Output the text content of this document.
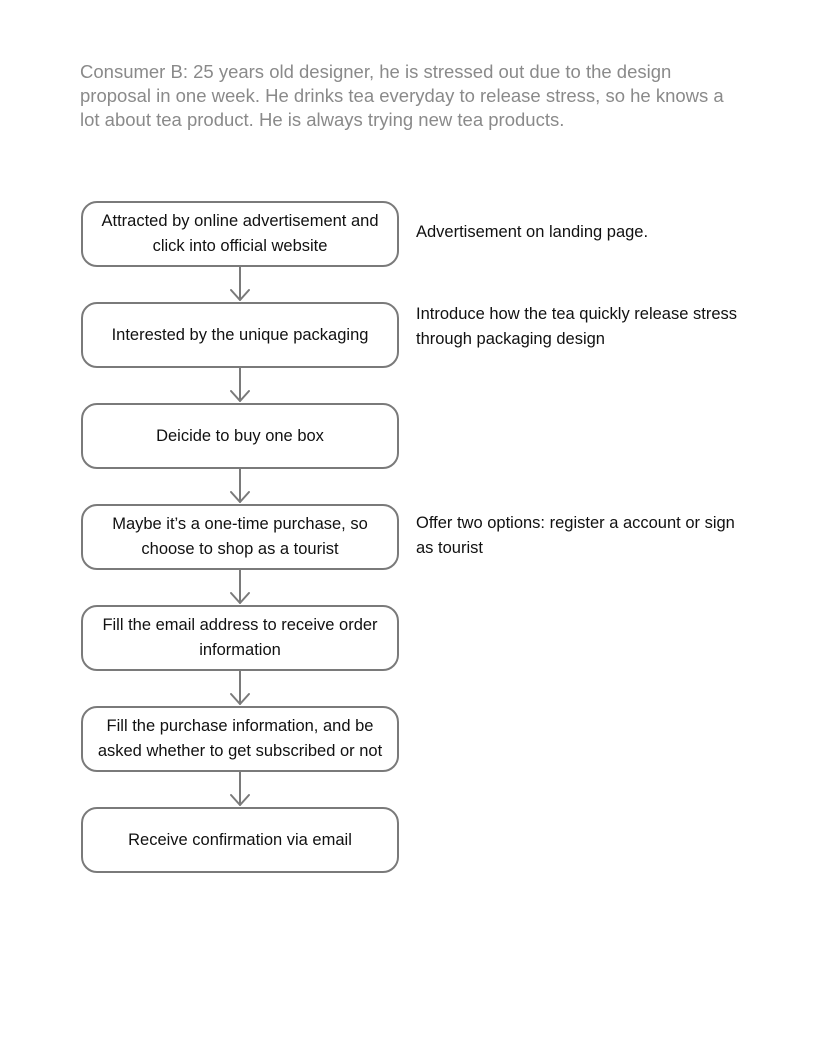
Consumer B: 25 years old designer, he is stressed out due to the design proposal in one week. He drinks tea everyday to release stress, so he knows a lot about tea product. He is always trying new tea products.

Attracted by online advertisement and click into official website
Advertisement on landing page.
Interested by the unique packaging
Introduce how the tea quickly release stress through packaging design
Deicide to buy one box
Maybe it’s a one-time purchase, so choose to shop as a tourist
Offer two options: register a account or sign as tourist
Fill the email address to receive order information
Fill the purchase information, and be asked whether to get subscribed or not
Receive confirmation via email
